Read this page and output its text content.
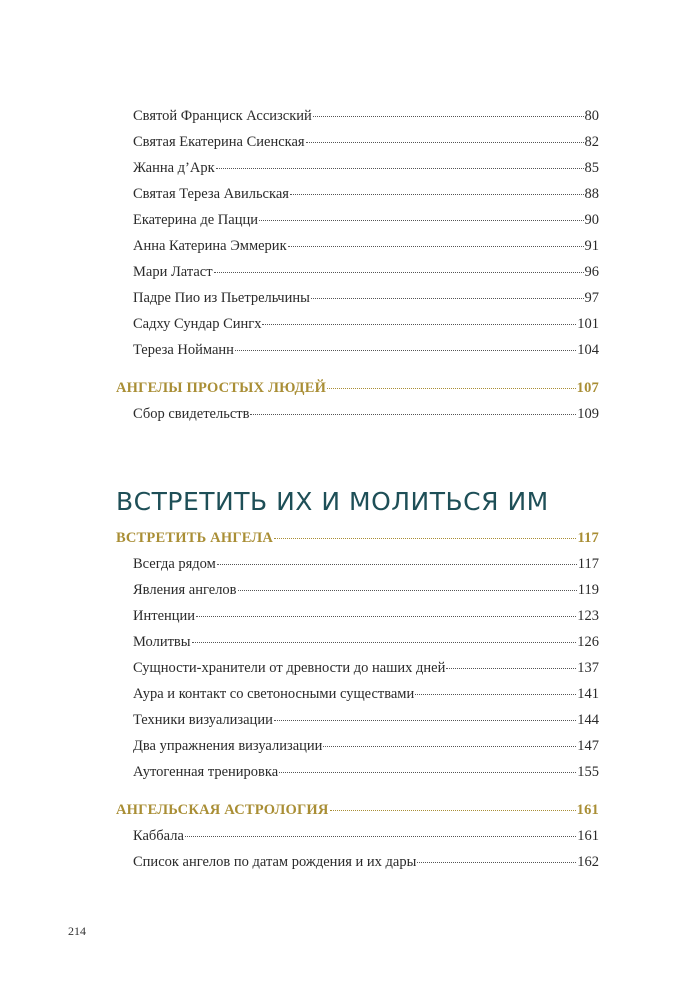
Святой Франциск Ассизский	80
Святая Екатерина Сиенская	82
Жанна д’Арк	85
Святая Тереза Авильская	88
Екатерина де Пацци	90
Анна Катерина Эммерик	91
Мари Латаст	96
Падре Пио из Пьетрельчины	97
Садху Сундар Сингх	101
Тереза Нойманн	104
АНГЕЛЫ ПРОСТЫХ ЛЮДЕЙ	107
Сбор свидетельств	109
ВСТРЕТИТЬ ИХ И МОЛИТЬСЯ ИМ
ВСТРЕТИТЬ АНГЕЛА	117
Всегда рядом	117
Явления ангелов	119
Интенции	123
Молитвы	126
Сущности-хранители от древности до наших дней	137
Аура и контакт со светоносными существами	141
Техники визуализации	144
Два упражнения визуализации	147
Аутогенная тренировка	155
АНГЕЛЬСКАЯ АСТРОЛОГИЯ	161
Каббала	161
Список ангелов по датам рождения и их дары	162
214
